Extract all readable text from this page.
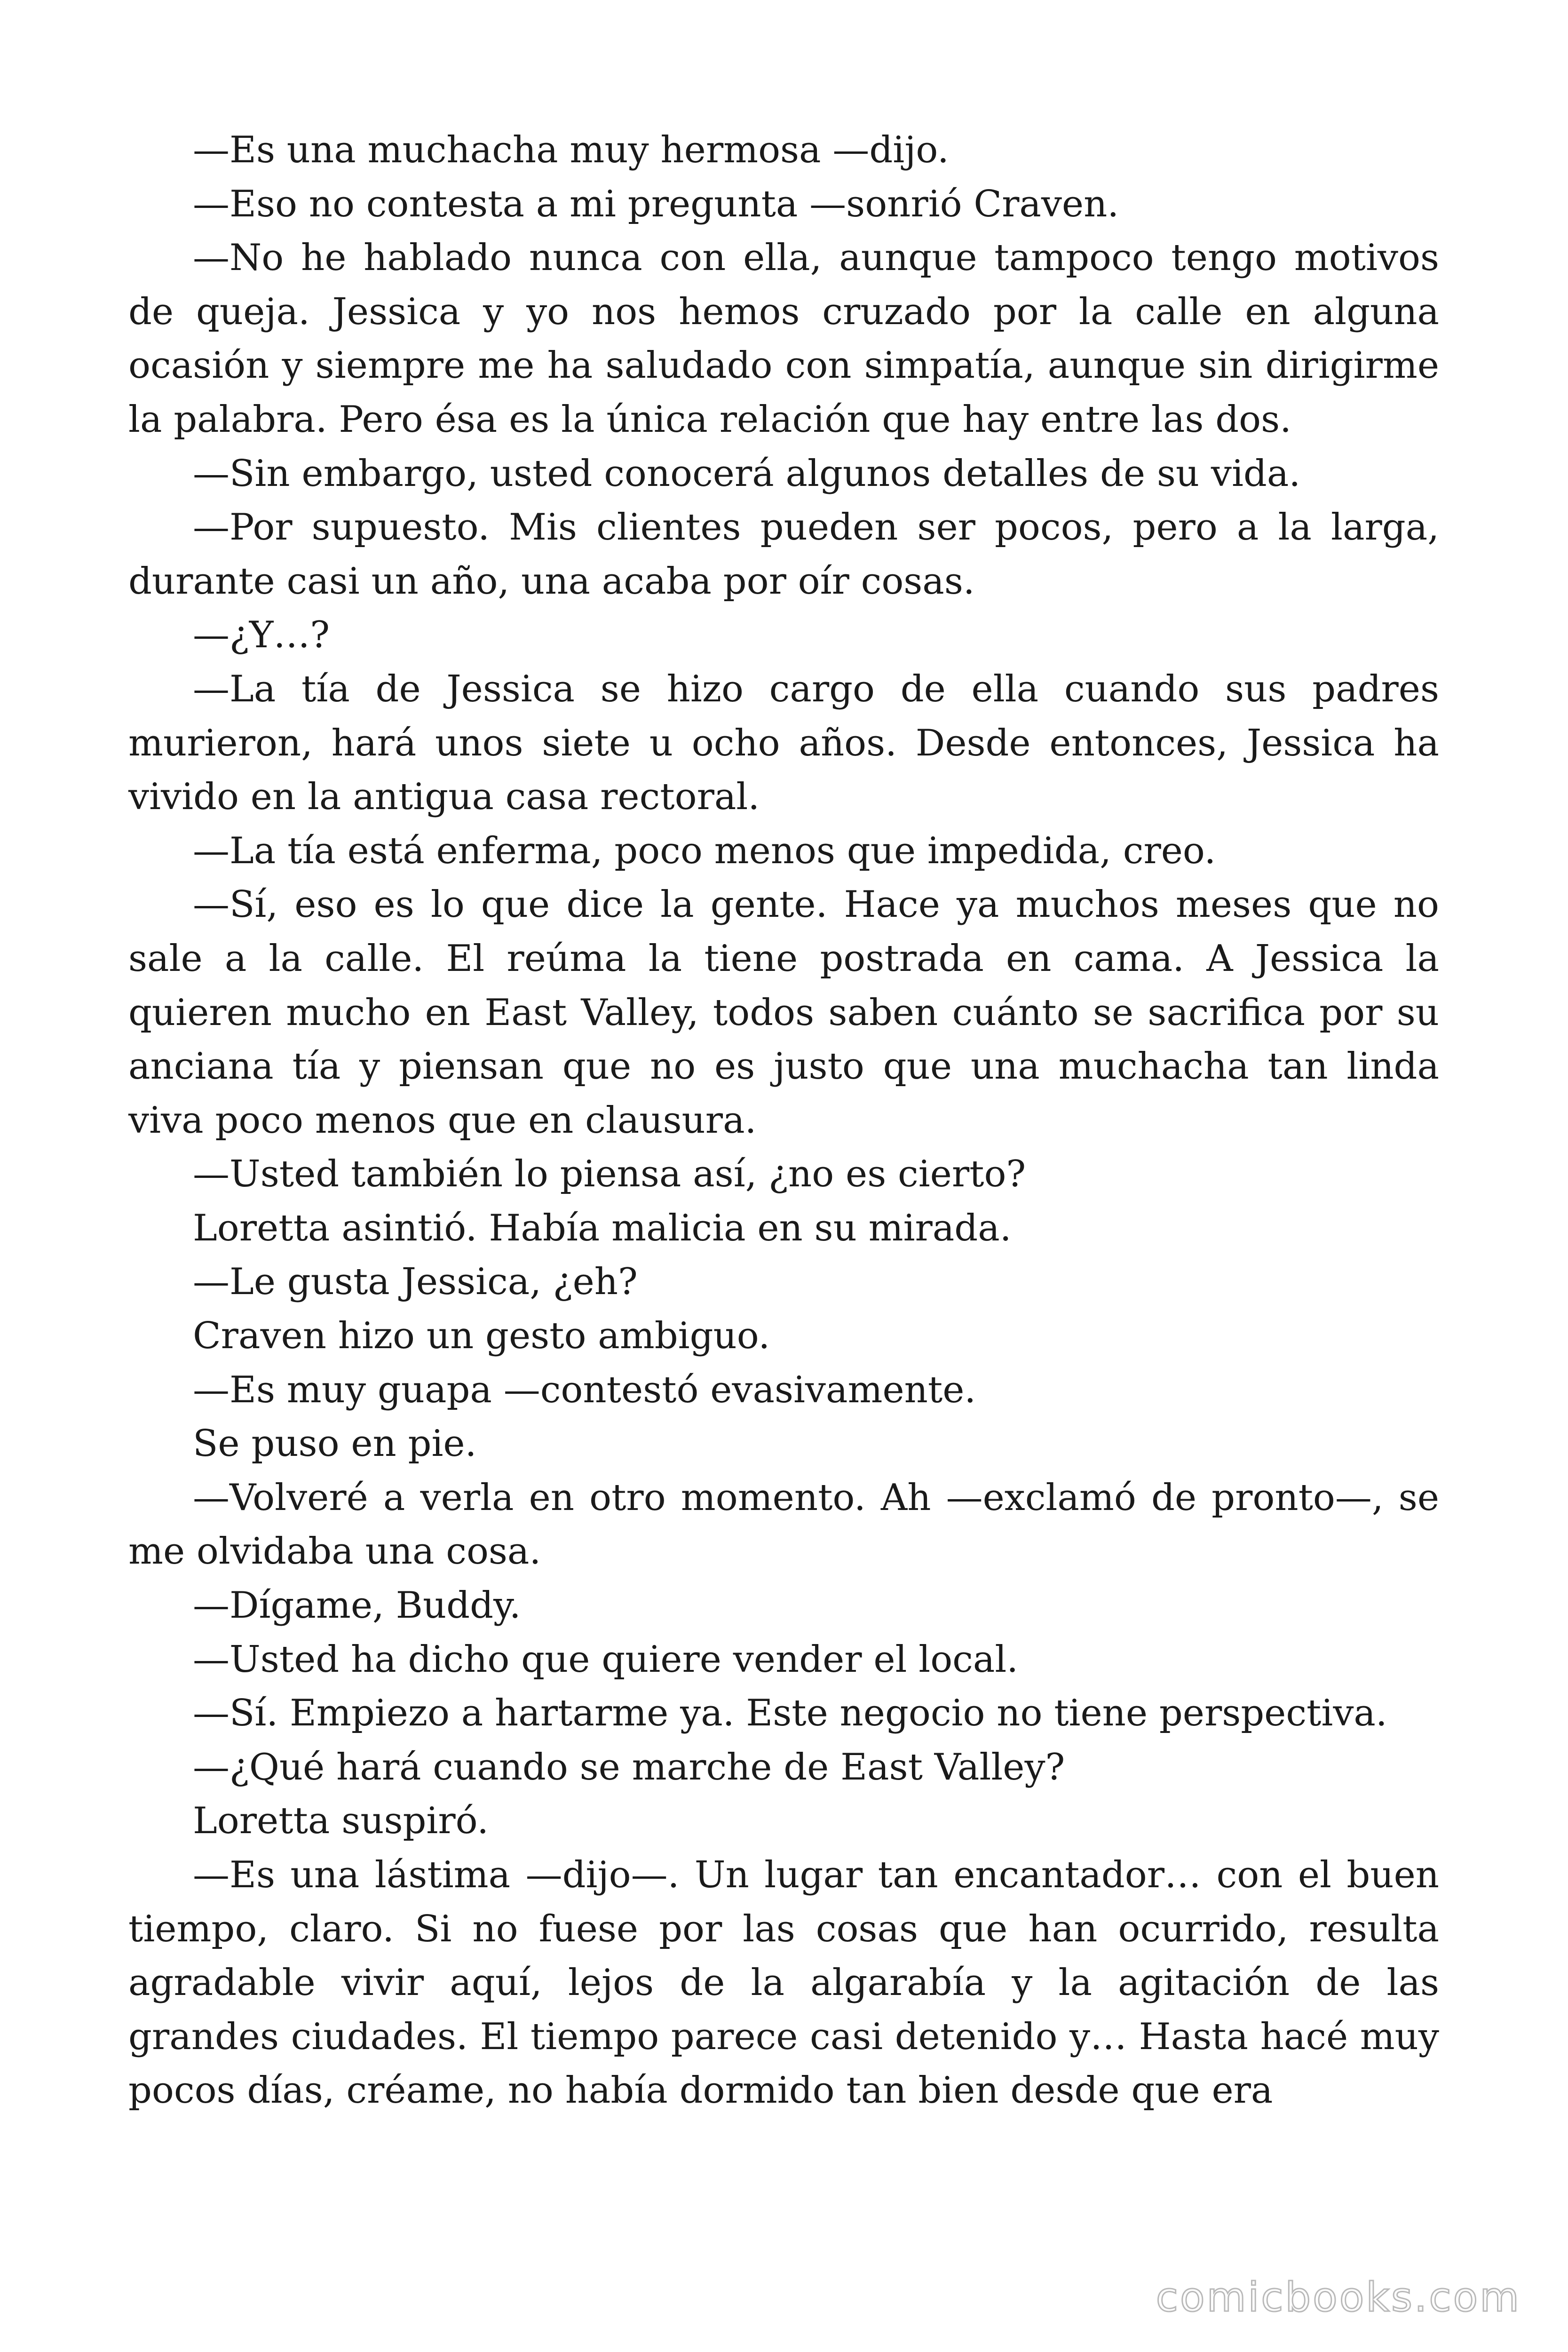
—Es una muchacha muy hermosa —dijo.

—Eso no contesta a mi pregunta —sonrió Craven.

—No he hablado nunca con ella, aunque tampoco tengo motivos de queja. Jessica y yo nos hemos cruzado por la calle en alguna ocasión y siempre me ha saludado con simpatía, aunque sin dirigirme la palabra. Pero ésa es la única relación que hay entre las dos.

—Sin embargo, usted conocerá algunos detalles de su vida.

—Por supuesto. Mis clientes pueden ser pocos, pero a la larga, durante casi un año, una acaba por oír cosas.

—¿Y…?

—La tía de Jessica se hizo cargo de ella cuando sus padres murieron, hará unos siete u ocho años. Desde entonces, Jessica ha vivido en la antigua casa rectoral.

—La tía está enferma, poco menos que impedida, creo.

—Sí, eso es lo que dice la gente. Hace ya muchos meses que no sale a la calle. El reúma la tiene postrada en cama. A Jessica la quieren mucho en East Valley, todos saben cuánto se sacrifica por su anciana tía y piensan que no es justo que una muchacha tan linda viva poco menos que en clausura.

—Usted también lo piensa así, ¿no es cierto?

Loretta asintió. Había malicia en su mirada.

—Le gusta Jessica, ¿eh?

Craven hizo un gesto ambiguo.

—Es muy guapa —contestó evasivamente.

Se puso en pie.

—Volveré a verla en otro momento. Ah —exclamó de pronto—, se me olvidaba una cosa.

—Dígame, Buddy.

—Usted ha dicho que quiere vender el local.

—Sí. Empiezo a hartarme ya. Este negocio no tiene perspectiva.

—¿Qué hará cuando se marche de East Valley?

Loretta suspiró.

—Es una lástima —dijo—. Un lugar tan encantador… con el buen tiempo, claro. Si no fuese por las cosas que han ocurrido, resulta agradable vivir aquí, lejos de la algarabía y la agitación de las grandes ciudades. El tiempo parece casi detenido y… Hasta hacé muy pocos días, créame, no había dormido tan bien desde que era

comicbooks.com
